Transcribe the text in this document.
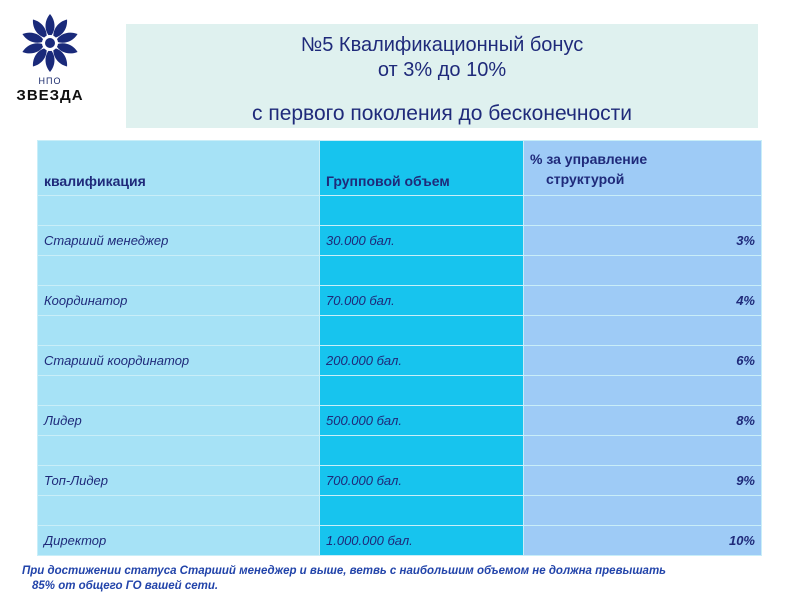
НПО
ЗВЕЗДА
№5 Квалификационный бонус
от 3% до 10%
с первого поколения до бесконечности
квалификация	Групповой объем	% за управление
структурой

Старший менеджер	30.000 бал.	3%

Координатор	70.000 бал.	4%

Старший координатор	200.000 бал.	6%

Лидер	500.000 бал.	8%

Топ-Лидер	700.000 бал.	9%

Директор	1.000.000 бал.	10%
При достижении статуса Старший менеджер и выше, ветвь с наибольшим объемом не должна превышать
85% от общего ГО вашей сети.
